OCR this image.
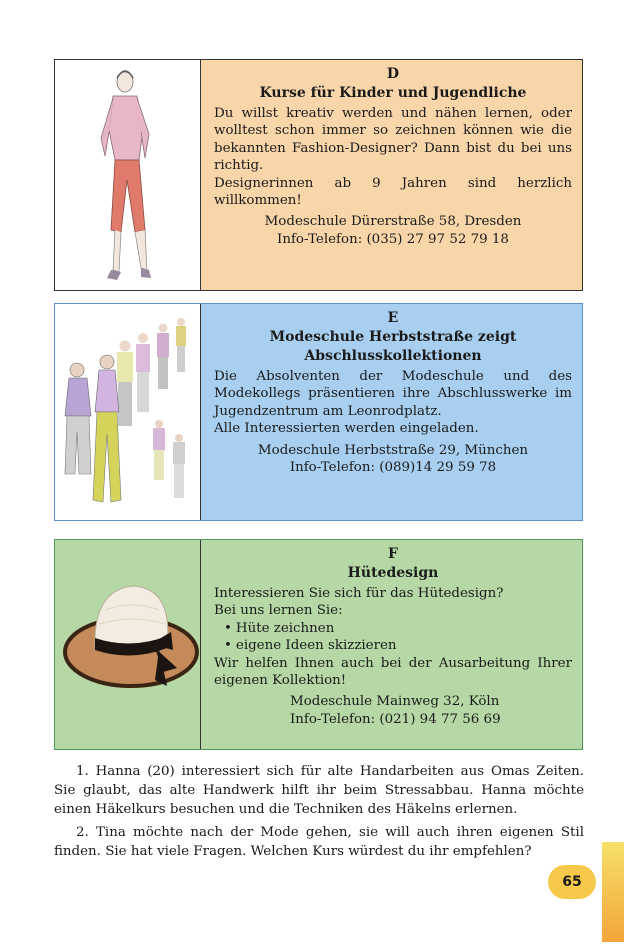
D
Kurse für Kinder und Jugendliche
Du willst kreativ werden und nähen lernen, oder wolltest schon immer so zeichnen können wie die bekannten Fashion-Designer? Dann bist du bei uns richtig.
Designerinnen ab 9 Jahren sind herzlich willkommen!
Modeschule Dürerstraße 58, Dresden
Info-Telefon: (035) 27 97 52 79 18
E
Modeschule Herbststraße zeigt Abschlusskollektionen
Die Absolventen der Modeschule und des Modekollegs präsentieren ihre Abschlusswerke im Jugendzentrum am Leonrodplatz.
Alle Interessierten werden eingeladen.
Modeschule Herbststraße 29, München
Info-Telefon: (089)14 29 59 78
F
Hütedesign
Interessieren Sie sich für das Hütedesign?
Bei uns lernen Sie:
• Hüte zeichnen
• eigene Ideen skizzieren
Wir helfen Ihnen auch bei der Ausarbeitung Ihrer eigenen Kollektion!
Modeschule Mainweg 32, Köln
Info-Telefon: (021) 94 77 56 69

1. Hanna (20) interessiert sich für alte Handarbeiten aus Omas Zeiten. Sie glaubt, das alte Handwerk hilft ihr beim Stressabbau. Hanna möchte einen Häkelkurs besuchen und die Techniken des Häkelns erlernen.

2. Tina möchte nach der Mode gehen, sie will auch ihren eigenen Stil finden. Sie hat viele Fragen. Welchen Kurs würdest du ihr empfehlen?

65
